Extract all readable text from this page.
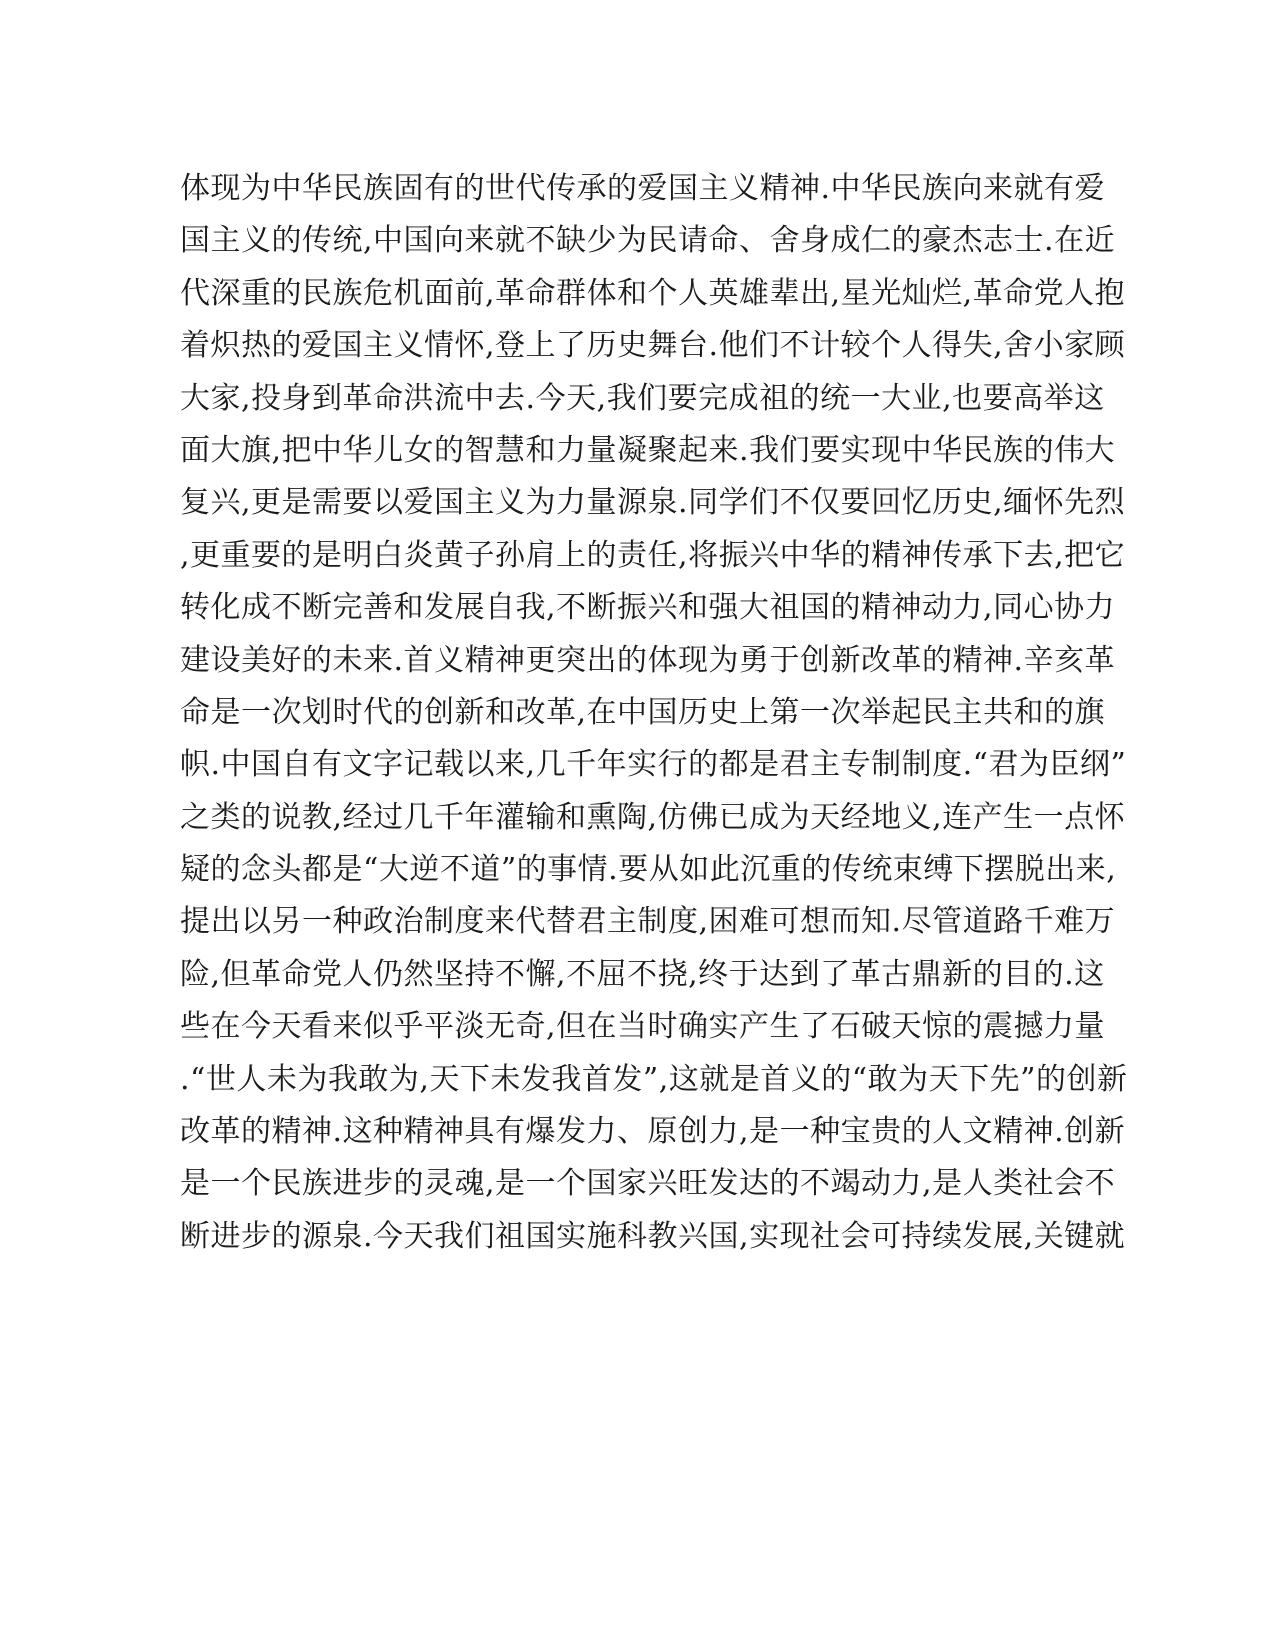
体现为中华民族固有的世代传承的爱国主义精神.中华民族向来就有爱
国主义的传统,中国向来就不缺少为民请命、舍身成仁的豪杰志士.在近
代深重的民族危机面前,革命群体和个人英雄辈出,星光灿烂,革命党人抱
着炽热的爱国主义情怀,登上了历史舞台.他们不计较个人得失,舍小家顾
大家,投身到革命洪流中去.今天,我们要完成祖的统一大业,也要高举这
面大旗,把中华儿女的智慧和力量凝聚起来.我们要实现中华民族的伟大
复兴,更是需要以爱国主义为力量源泉.同学们不仅要回忆历史,缅怀先烈
,更重要的是明白炎黄子孙肩上的责任,将振兴中华的精神传承下去,把它
转化成不断完善和发展自我,不断振兴和强大祖国的精神动力,同心协力
建设美好的未来.首义精神更突出的体现为勇于创新改革的精神.辛亥革
命是一次划时代的创新和改革,在中国历史上第一次举起民主共和的旗
帜.中国自有文字记载以来,几千年实行的都是君主专制制度.“君为臣纲”
之类的说教,经过几千年灌输和熏陶,仿佛已成为天经地义,连产生一点怀
疑的念头都是“大逆不道”的事情.要从如此沉重的传统束缚下摆脱出来,
提出以另一种政治制度来代替君主制度,困难可想而知.尽管道路千难万
险,但革命党人仍然坚持不懈,不屈不挠,终于达到了革古鼎新的目的.这
些在今天看来似乎平淡无奇,但在当时确实产生了石破天惊的震撼力量
.“世人未为我敢为,天下未发我首发”,这就是首义的“敢为天下先”的创新
改革的精神.这种精神具有爆发力、原创力,是一种宝贵的人文精神.创新
是一个民族进步的灵魂,是一个国家兴旺发达的不竭动力,是人类社会不
断进步的源泉.今天我们祖国实施科教兴国,实现社会可持续发展,关键就
